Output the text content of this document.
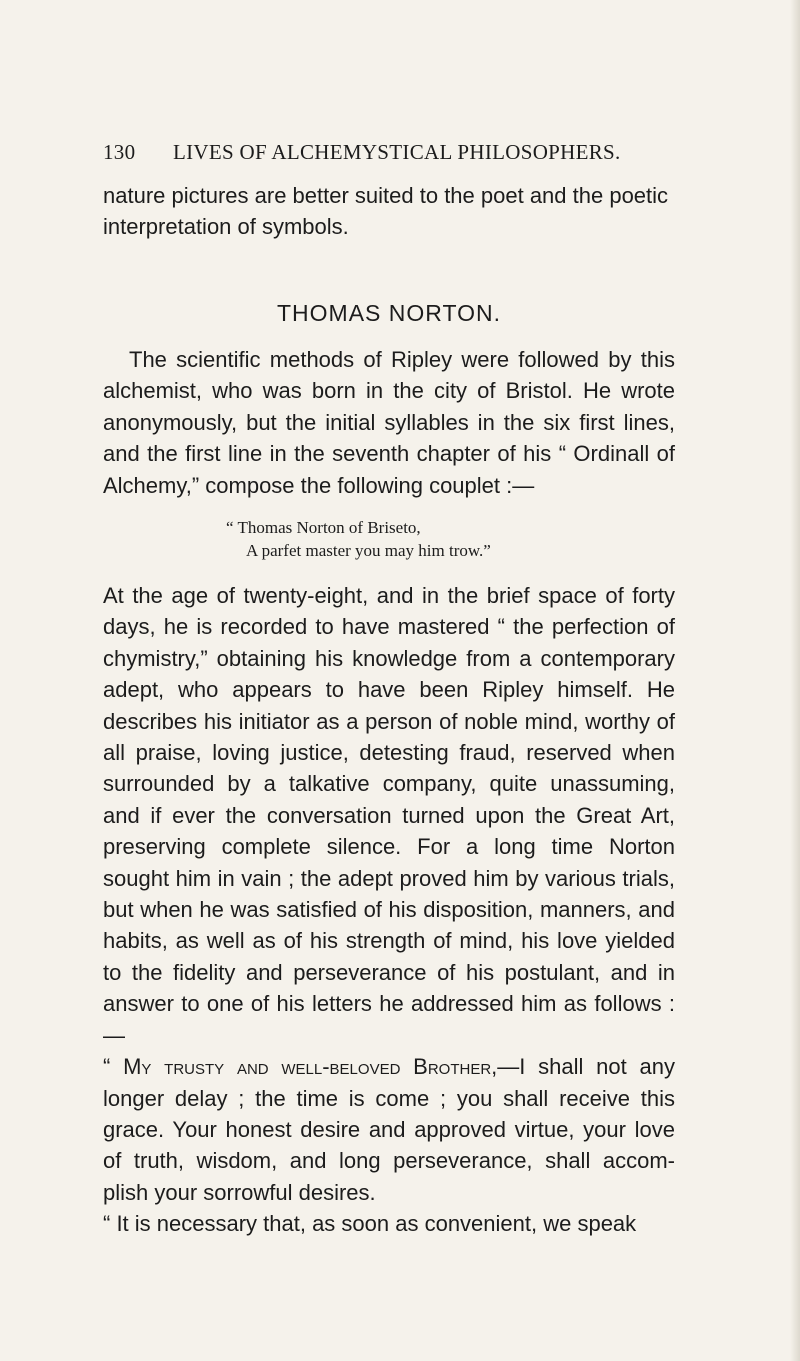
130 LIVES OF ALCHEMYSTICAL PHILOSOPHERS.

nature pictures are better suited to the poet and the poetic interpretation of symbols.

THOMAS NORTON.

The scientific methods of Ripley were followed by this alchemist, who was born in the city of Bristol. He wrote anonymously, but the initial syllables in the six first lines, and the first line in the seventh chapter of his “ Ordinall of Alchemy,” compose the following couplet :—

“ Thomas Norton of Briseto,
A parfet master you may him trow.”

At the age of twenty-eight, and in the brief space of forty days, he is recorded to have mastered “ the perfection of chymistry,” obtaining his knowledge from a contemporary adept, who appears to have been Ripley himself. He describes his initiator as a person of noble mind, worthy of all praise, loving justice, detesting fraud, reserved when surrounded by a talkative company, quite unassuming, and if ever the conversation turned upon the Great Art, preserving complete silence. For a long time Norton sought him in vain ; the adept proved him by various trials, but when he was satisfied of his disposition, manners, and habits, as well as of his strength of mind, his love yielded to the fidelity and perseverance of his postulant, and in answer to one of his letters he addressed him as follows :—

“ My trusty and well-beloved Brother,—I shall not any longer delay ; the time is come ; you shall receive this grace. Your honest desire and approved virtue, your love of truth, wisdom, and long perseverance, shall accom-plish your sorrowful desires.

“ It is necessary that, as soon as convenient, we speak
